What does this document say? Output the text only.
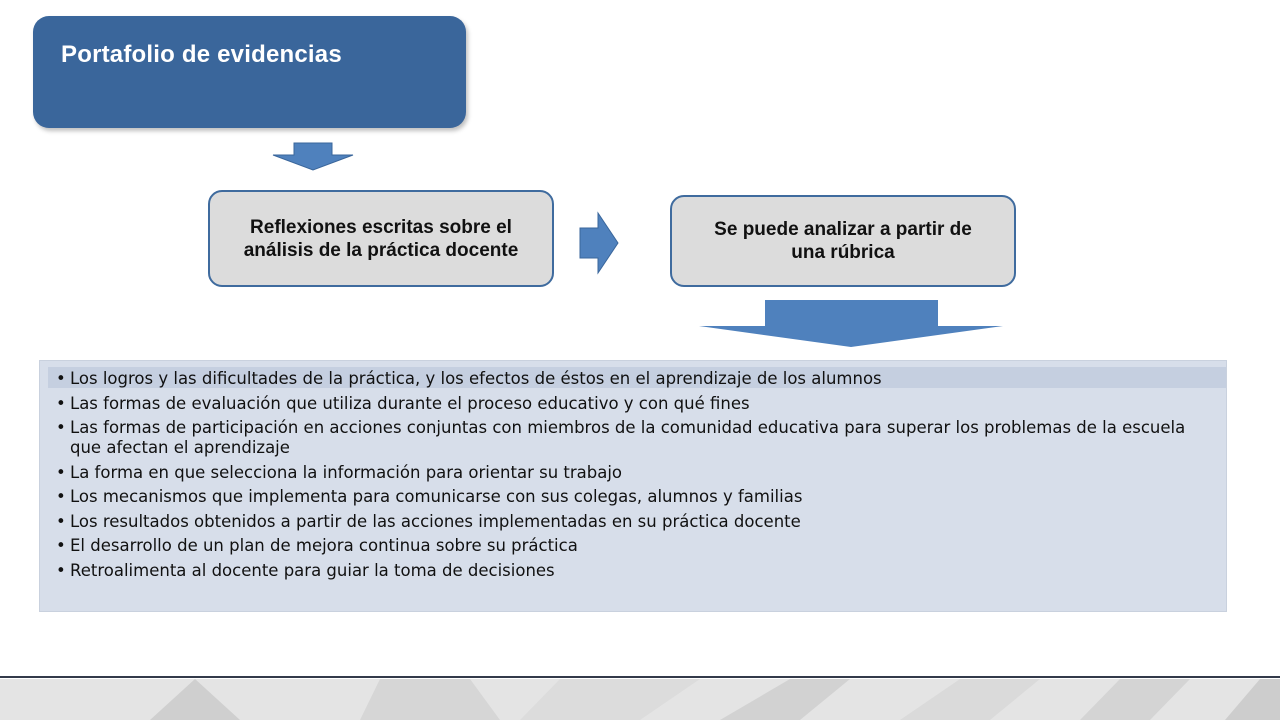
Portafolio de evidencias
Reflexiones escritas sobre el análisis de la práctica docente
Se puede analizar a partir de una rúbrica
• Los logros y las dificultades de la práctica, y los efectos de éstos en el aprendizaje de los alumnos
• Las formas de evaluación que utiliza durante el proceso educativo y con qué fines
• Las formas de participación en acciones conjuntas con miembros de la comunidad educativa para superar los problemas de la escuela que afectan el aprendizaje
• La forma en que selecciona la información para orientar su trabajo
• Los mecanismos que implementa para comunicarse con sus colegas, alumnos y familias
• Los resultados obtenidos a partir de las acciones implementadas en su práctica docente
• El desarrollo de un plan de mejora continua sobre su práctica
• Retroalimenta al docente para guiar la toma de decisiones
